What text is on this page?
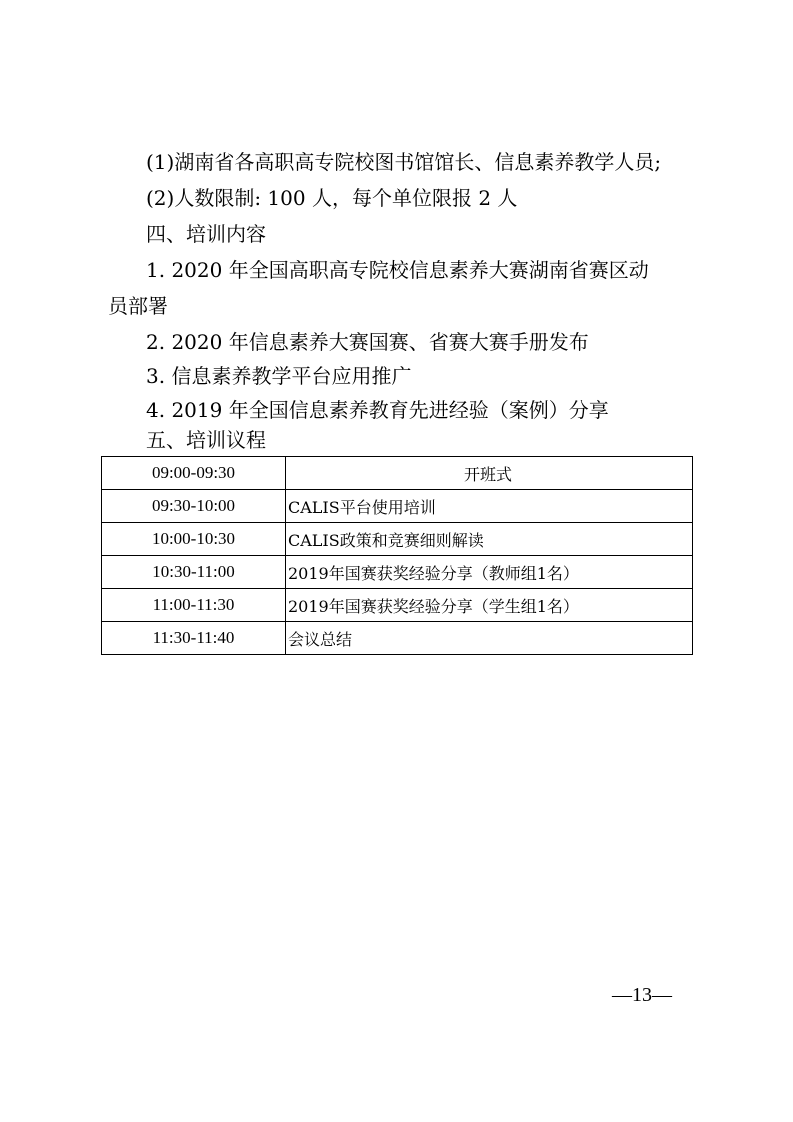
(1)湖南省各高职高专院校图书馆馆长、信息素养教学人员;
(2)人数限制: 100 人，每个单位限报 2 人
四、培训内容
1. 2020 年全国高职高专院校信息素养大赛湖南省赛区动
员部署
2. 2020 年信息素养大赛国赛、省赛大赛手册发布
3. 信息素养教学平台应用推广
4. 2019 年全国信息素养教育先进经验（案例）分享
五、培训议程
09:00-09:30	开班式
09:30-10:00	CALIS平台使用培训
10:00-10:30	CALIS政策和竞赛细则解读
10:30-11:00	2019年国赛获奖经验分享（教师组1名）
11:00-11:30	2019年国赛获奖经验分享（学生组1名）
11:30-11:40	会议总结
—13—
